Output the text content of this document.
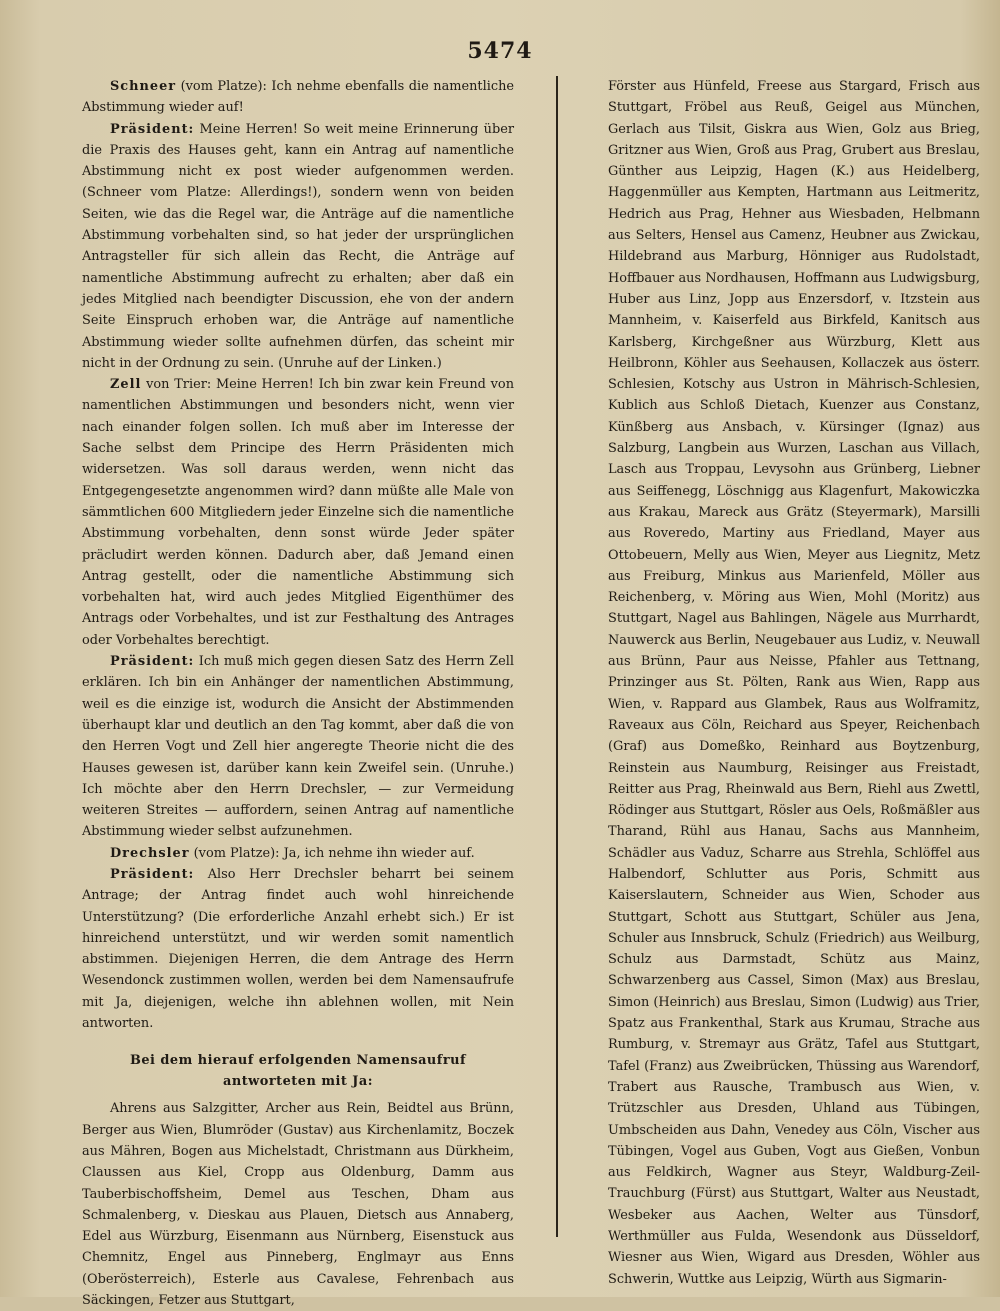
5474

Schneer (vom Platze): Ich nehme ebenfalls die namentliche Abstimmung wieder auf!

Präsident: Meine Herren! So weit meine Erinnerung über die Praxis des Hauses geht, kann ein Antrag auf namentliche Abstimmung nicht ex post wieder aufgenommen werden. (Schneer vom Platze: Allerdings!), sondern wenn von beiden Seiten, wie das die Regel war, die Anträge auf die namentliche Abstimmung vorbehalten sind, so hat jeder der ursprünglichen Antragsteller für sich allein das Recht, die Anträge auf namentliche Abstimmung aufrecht zu erhalten; aber daß ein jedes Mitglied nach beendigter Discussion, ehe von der andern Seite Einspruch erhoben war, die Anträge auf namentliche Abstimmung wieder sollte aufnehmen dürfen, das scheint mir nicht in der Ordnung zu sein. (Unruhe auf der Linken.)

Zell von Trier: Meine Herren! Ich bin zwar kein Freund von namentlichen Abstimmungen und besonders nicht, wenn vier nach einander folgen sollen. Ich muß aber im Interesse der Sache selbst dem Principe des Herrn Präsidenten mich widersetzen. Was soll daraus werden, wenn nicht das Entgegengesetzte angenommen wird? dann müßte alle Male von sämmtlichen 600 Mitgliedern jeder Einzelne sich die namentliche Abstimmung vorbehalten, denn sonst würde Jeder später präcludirt werden können. Dadurch aber, daß Jemand einen Antrag gestellt, oder die namentliche Abstimmung sich vorbehalten hat, wird auch jedes Mitglied Eigenthümer des Antrags oder Vorbehaltes, und ist zur Festhaltung des Antrages oder Vorbehaltes berechtigt.

Präsident: Ich muß mich gegen diesen Satz des Herrn Zell erklären. Ich bin ein Anhänger der namentlichen Abstimmung, weil es die einzige ist, wodurch die Ansicht der Abstimmenden überhaupt klar und deutlich an den Tag kommt, aber daß die von den Herren Vogt und Zell hier angeregte Theorie nicht die des Hauses gewesen ist, darüber kann kein Zweifel sein. (Unruhe.) Ich möchte aber den Herrn Drechsler, — zur Vermeidung weiteren Streites — auffordern, seinen Antrag auf namentliche Abstimmung wieder selbst aufzunehmen.

Drechsler (vom Platze): Ja, ich nehme ihn wieder auf.

Präsident: Also Herr Drechsler beharrt bei seinem Antrage; der Antrag findet auch wohl hinreichende Unterstützung? (Die erforderliche Anzahl erhebt sich.) Er ist hinreichend unterstützt, und wir werden somit namentlich abstimmen. Diejenigen Herren, die dem Antrage des Herrn Wesendonck zustimmen wollen, werden bei dem Namensaufrufe mit Ja, diejenigen, welche ihn ablehnen wollen, mit Nein antworten.

Bei dem hierauf erfolgenden Namensaufruf antworteten mit Ja:

Ahrens aus Salzgitter, Archer aus Rein, Beidtel aus Brünn, Berger aus Wien, Blumröder (Gustav) aus Kirchenlamitz, Boczek aus Mähren, Bogen aus Michelstadt, Christmann aus Dürkheim, Claussen aus Kiel, Cropp aus Oldenburg, Damm aus Tauberbischoffsheim, Demel aus Teschen, Dham aus Schmalenberg, v. Dieskau aus Plauen, Dietsch aus Annaberg, Edel aus Würzburg, Eisenmann aus Nürnberg, Eisenstuck aus Chemnitz, Engel aus Pinneberg, Englmayr aus Enns (Oberösterreich), Esterle aus Cavalese, Fehrenbach aus Säckingen, Fetzer aus Stuttgart,

Förster aus Hünfeld, Freese aus Stargard, Frisch aus Stuttgart, Fröbel aus Reuß, Geigel aus München, Gerlach aus Tilsit, Giskra aus Wien, Golz aus Brieg, Gritzner aus Wien, Groß aus Prag, Grubert aus Breslau, Günther aus Leipzig, Hagen (K.) aus Heidelberg, Haggenmüller aus Kempten, Hartmann aus Leitmeritz, Hedrich aus Prag, Hehner aus Wiesbaden, Helbmann aus Selters, Hensel aus Camenz, Heubner aus Zwickau, Hildebrand aus Marburg, Hönniger aus Rudolstadt, Hoffbauer aus Nordhausen, Hoffmann aus Ludwigsburg, Huber aus Linz, Jopp aus Enzersdorf, v. Itzstein aus Mannheim, v. Kaiserfeld aus Birkfeld, Kanitsch aus Karlsberg, Kirchgeßner aus Würzburg, Klett aus Heilbronn, Köhler aus Seehausen, Kollaczek aus österr. Schlesien, Kotschy aus Ustron in Mährisch-Schlesien, Kublich aus Schloß Dietach, Kuenzer aus Constanz, Künßberg aus Ansbach, v. Kürsinger (Ignaz) aus Salzburg, Langbein aus Wurzen, Laschan aus Villach, Lasch aus Troppau, Levysohn aus Grünberg, Liebner aus Seiffenegg, Löschnigg aus Klagenfurt, Makowiczka aus Krakau, Mareck aus Grätz (Steyermark), Marsilli aus Roveredo, Martiny aus Friedland, Mayer aus Ottobeuern, Melly aus Wien, Meyer aus Liegnitz, Metz aus Freiburg, Minkus aus Marienfeld, Möller aus Reichenberg, v. Möring aus Wien, Mohl (Moritz) aus Stuttgart, Nagel aus Bahlingen, Nägele aus Murrhardt, Nauwerck aus Berlin, Neugebauer aus Ludiz, v. Neuwall aus Brünn, Paur aus Neisse, Pfahler aus Tettnang, Prinzinger aus St. Pölten, Rank aus Wien, Rapp aus Wien, v. Rappard aus Glambek, Raus aus Wolframitz, Raveaux aus Cöln, Reichard aus Speyer, Reichenbach (Graf) aus Domeßko, Reinhard aus Boytzenburg, Reinstein aus Naumburg, Reisinger aus Freistadt, Reitter aus Prag, Rheinwald aus Bern, Riehl aus Zwettl, Rödinger aus Stuttgart, Rösler aus Oels, Roßmäßler aus Tharand, Rühl aus Hanau, Sachs aus Mannheim, Schädler aus Vaduz, Scharre aus Strehla, Schlöffel aus Halbendorf, Schlutter aus Poris, Schmitt aus Kaiserslautern, Schneider aus Wien, Schoder aus Stuttgart, Schott aus Stuttgart, Schüler aus Jena, Schuler aus Innsbruck, Schulz (Friedrich) aus Weilburg, Schulz aus Darmstadt, Schütz aus Mainz, Schwarzenberg aus Cassel, Simon (Max) aus Breslau, Simon (Heinrich) aus Breslau, Simon (Ludwig) aus Trier, Spatz aus Frankenthal, Stark aus Krumau, Strache aus Rumburg, v. Stremayr aus Grätz, Tafel aus Stuttgart, Tafel (Franz) aus Zweibrücken, Thüssing aus Warendorf, Trabert aus Rausche, Trambusch aus Wien, v. Trützschler aus Dresden, Uhland aus Tübingen, Umbscheiden aus Dahn, Venedey aus Cöln, Vischer aus Tübingen, Vogel aus Guben, Vogt aus Gießen, Vonbun aus Feldkirch, Wagner aus Steyr, Waldburg-Zeil-Trauchburg (Fürst) aus Stuttgart, Walter aus Neustadt, Wesbeker aus Aachen, Welter aus Tünsdorf, Werthmüller aus Fulda, Wesendonk aus Düsseldorf, Wiesner aus Wien, Wigard aus Dresden, Wöhler aus Schwerin, Wuttke aus Leipzig, Würth aus Sigmarin-
